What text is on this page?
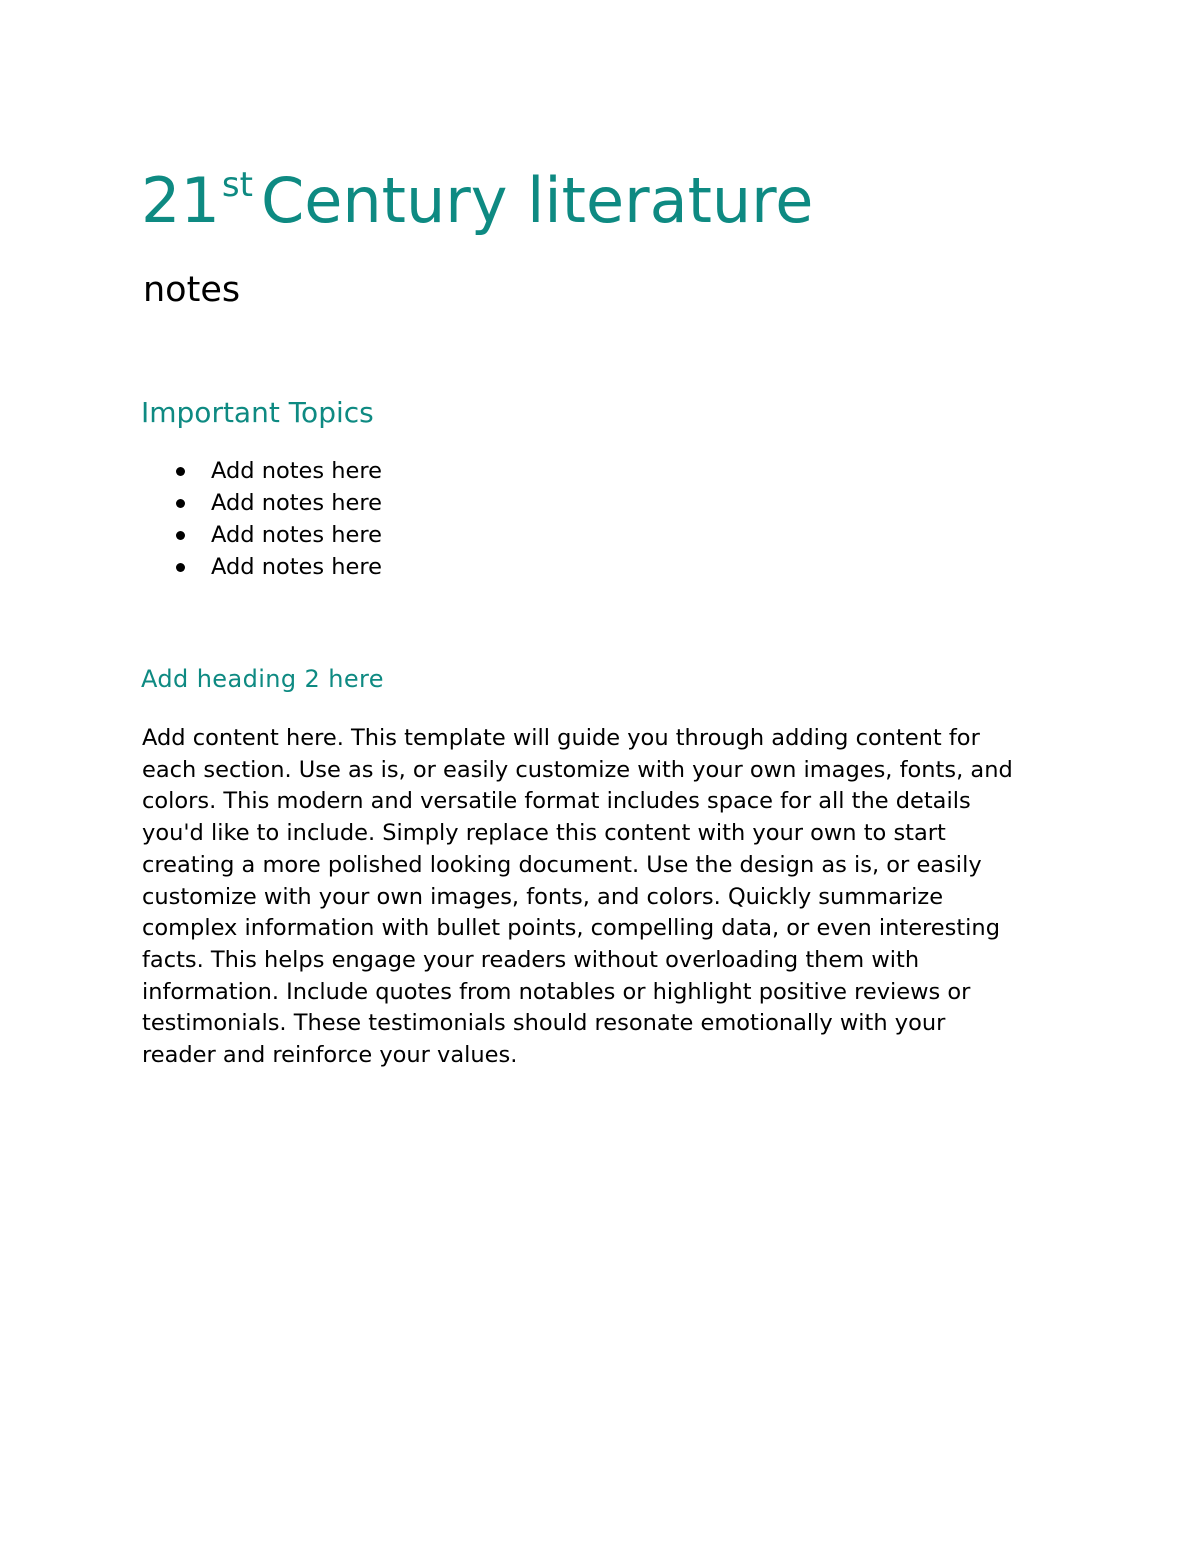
21st Century literature

notes

Important Topics
Add notes here
Add notes here
Add notes here
Add notes here
Add heading 2 here
Add content here. This template will guide you through adding content for
each section. Use as is, or easily customize with your own images, fonts, and
colors. This modern and versatile format includes space for all the details
you'd like to include. Simply replace this content with your own to start
creating a more polished looking document. Use the design as is, or easily
customize with your own images, fonts, and colors. Quickly summarize
complex information with bullet points, compelling data, or even interesting
facts. This helps engage your readers without overloading them with
information. Include quotes from notables or highlight positive reviews or
testimonials. These testimonials should resonate emotionally with your
reader and reinforce your values.
